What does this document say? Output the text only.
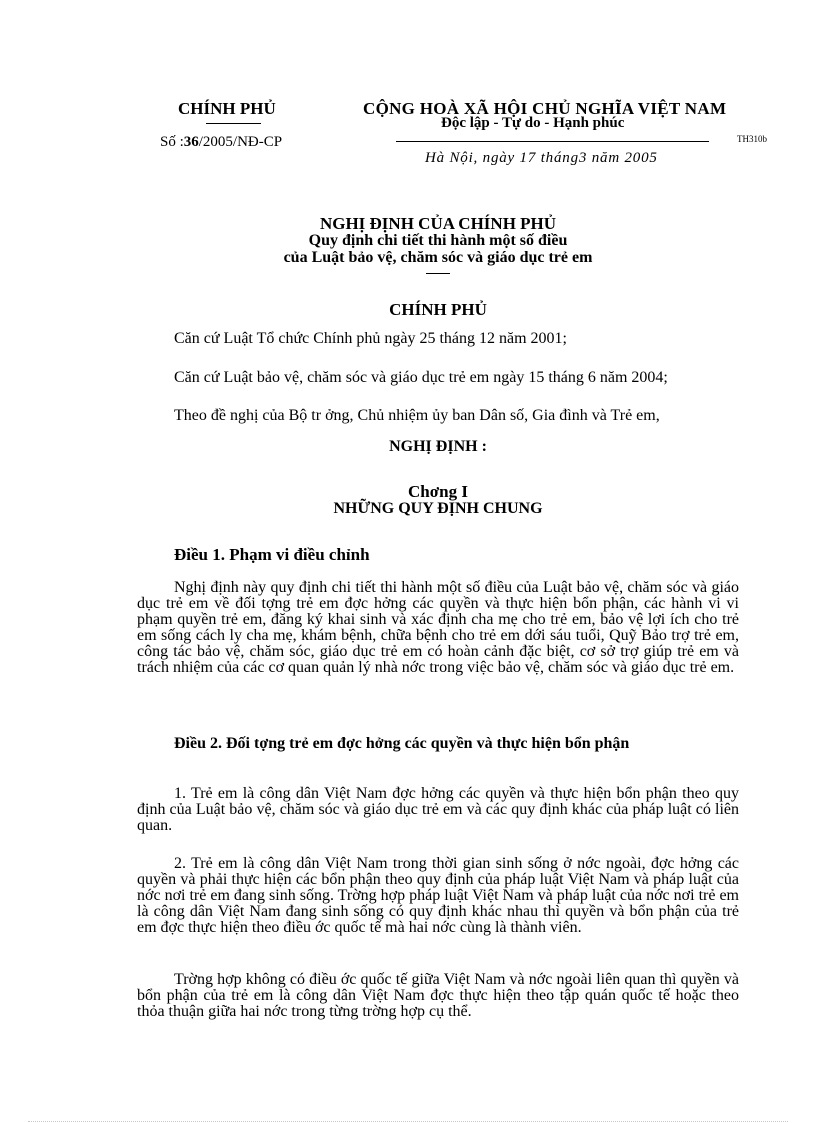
CHÍNH PHỦ
Số :36/2005/NĐ-CP
CỘNG HOÀ XÃ HỘI CHỦ NGHĨA VIỆT NAM
Độc lập - Tự do - Hạnh phúc
TH310b
Hà Nội, ngày 17 tháng3 năm 2005
NGHỊ ĐỊNH CỦA CHÍNH PHỦ
Quy định chi tiết thi hành một số điều
của Luật bảo vệ, chăm sóc và giáo dục trẻ em
CHÍNH PHỦ
Căn cứ Luật Tổ chức Chính phủ ngày 25 tháng 12 năm 2001;
Căn cứ Luật bảo vệ, chăm sóc và giáo dục trẻ em ngày 15 tháng 6 năm 2004;
Theo đề nghị của Bộ tr ởng, Chủ nhiệm ủy ban Dân số, Gia đình và Trẻ em,
NGHỊ ĐỊNH :
Chơng I
NHỮNG QUY ĐỊNH CHUNG
Điều 1. Phạm vi điều chỉnh

Nghị định này quy định chi tiết thi hành một số điều của Luật bảo vệ, chăm sóc và giáo dục trẻ em về đối tợng trẻ em đợc hởng các quyền và thực hiện bổn phận, các hành vi vi phạm quyền trẻ em, đăng ký khai sinh và xác định cha mẹ cho trẻ em, bảo vệ lợi ích cho trẻ em sống cách ly cha mẹ, khám bệnh, chữa bệnh cho trẻ em dới sáu tuổi, Quỹ Bảo trợ trẻ em, công tác bảo vệ, chăm sóc, giáo dục trẻ em có hoàn cảnh đặc biệt, cơ sở trợ giúp trẻ em và trách nhiệm của các cơ quan quản lý nhà nớc trong việc bảo vệ, chăm sóc và giáo dục trẻ em.

Điều 2. Đối tợng trẻ em đợc hởng các quyền và thực hiện bổn phận

1. Trẻ em là công dân Việt Nam đợc hởng các quyền và thực hiện bổn phận theo quy định của Luật bảo vệ, chăm sóc và giáo dục trẻ em và các quy định khác của pháp luật có liên quan.

2. Trẻ em là công dân Việt Nam trong thời gian sinh sống ở nớc ngoài, đợc hởng các quyền và phải thực hiện các bổn phận theo quy định của pháp luật Việt Nam và pháp luật của nớc nơi trẻ em đang sinh sống. Trờng hợp pháp luật Việt Nam và pháp luật của nớc nơi trẻ em là công dân Việt Nam đang sinh sống có quy định khác nhau thì quyền và bổn phận của trẻ em đợc thực hiện theo điều ớc quốc tế mà hai nớc cùng là thành viên.

Trờng hợp không có điều ớc quốc tế giữa Việt Nam và nớc ngoài liên quan thì quyền và bổn phận của trẻ em là công dân Việt Nam đợc thực hiện theo tập quán quốc tế hoặc theo thỏa thuận giữa hai nớc trong từng trờng hợp cụ thể.
